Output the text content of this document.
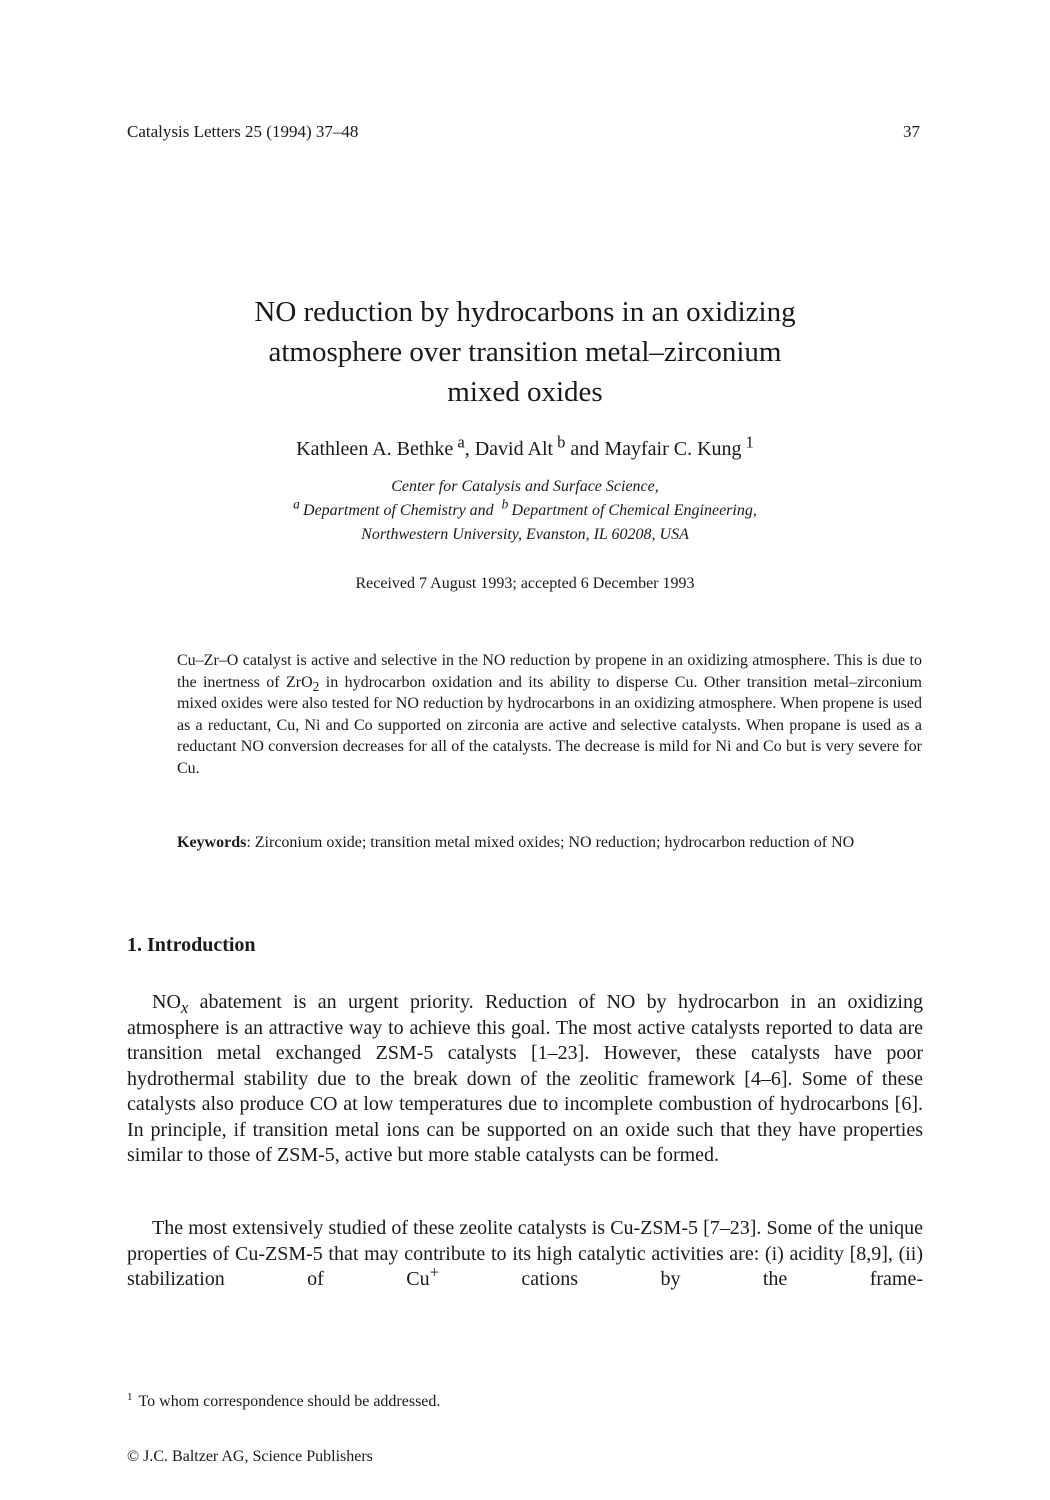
Catalysis Letters 25 (1994) 37–48	37
NO reduction by hydrocarbons in an oxidizing
atmosphere over transition metal–zirconium
mixed oxides
Kathleen A. Bethke  $^a$, David Alt  $^b$ and Mayfair C. Kung  $^1$
Center for Catalysis and Surface Science,
$^a$  Department of Chemistry and  $^b$  Department of Chemical Engineering,
Northwestern University, Evanston, IL 60208, USA
Received 7 August 1993; accepted 6 December 1993

Cu–Zr–O catalyst is active and selective in the NO reduction by propene in an oxidizing atmosphere. This is due to the inertness of ZrO$_2$ in hydrocarbon oxidation and its ability to disperse Cu. Other transition metal–zirconium mixed oxides were also tested for NO reduction by hydrocarbons in an oxidizing atmosphere. When propene is used as a reductant, Cu, Ni and Co supported on zirconia are active and selective catalysts. When propane is used as a reductant NO conversion decreases for all of the catalysts. The decrease is mild for Ni and Co but is very severe for Cu.

Keywords: Zirconium oxide; transition metal mixed oxides; NO reduction; hydrocarbon reduction of NO

1. Introduction

$NO_x$ abatement is an urgent priority. Reduction of NO by hydrocarbon in an oxidizing atmosphere is an attractive way to achieve this goal. The most active catalysts reported to data are transition metal exchanged ZSM-5 catalysts [1–23]. However, these catalysts have poor hydrothermal stability due to the break down of the zeolitic framework [4–6]. Some of these catalysts also produce CO at low temperatures due to incomplete combustion of hydrocarbons [6]. In principle, if transition metal ions can be supported on an oxide such that they have properties similar to those of ZSM-5, active but more stable catalysts can be formed.

The most extensively studied of these zeolite catalysts is Cu-ZSM-5 [7–23]. Some of the unique properties of Cu-ZSM-5 that may contribute to its high catalytic activities are: (i) acidity [8,9], (ii) stabilization of Cu+ cations by the frame-

$^1$ To whom correspondence should be addressed.
© J.C. Baltzer AG, Science Publishers
